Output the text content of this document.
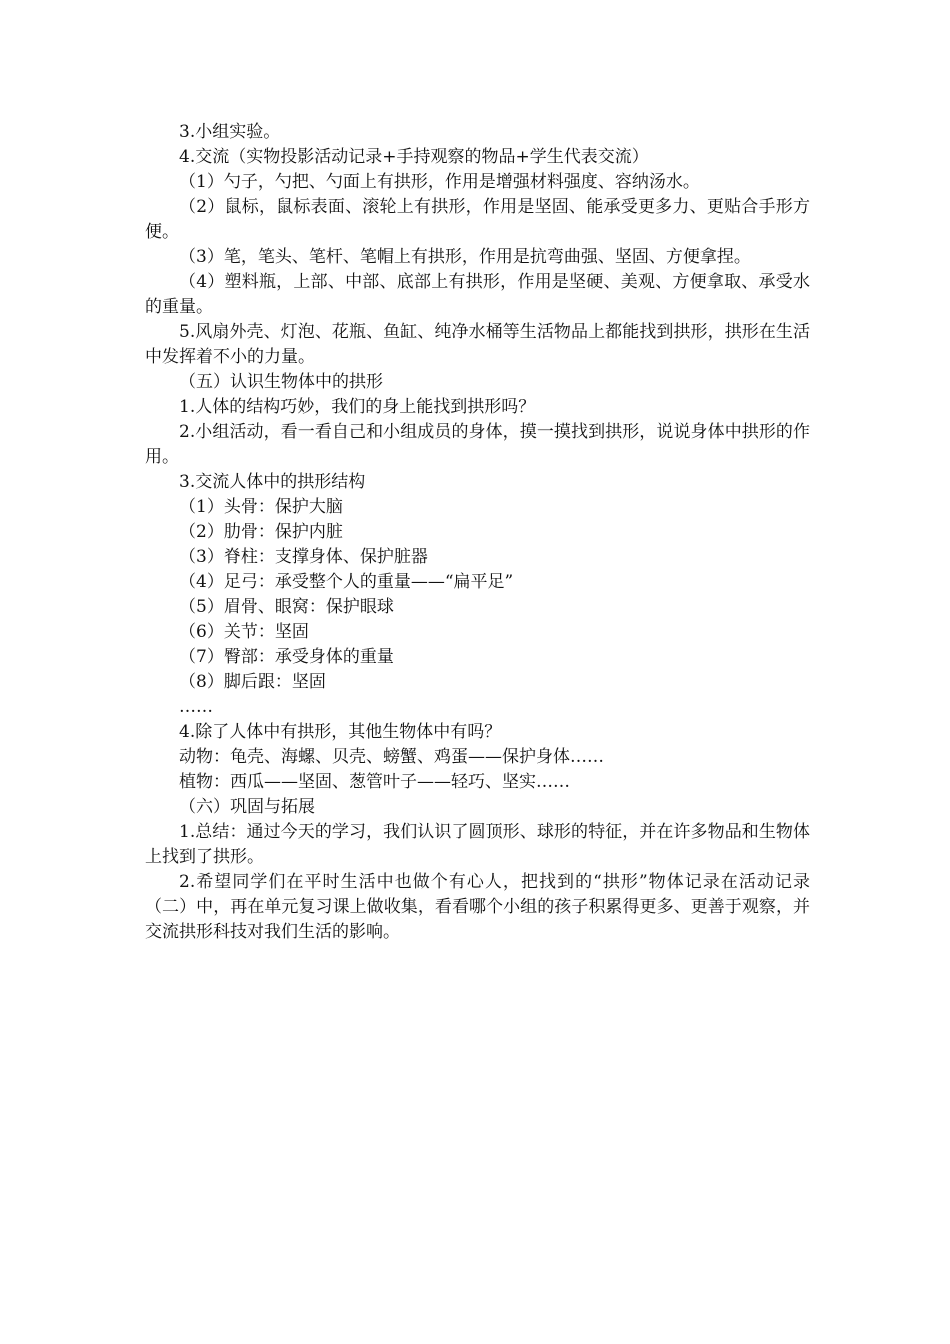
3.小组实验。

4.交流（实物投影活动记录+手持观察的物品+学生代表交流）

（1）勺子，勺把、勺面上有拱形，作用是增强材料强度、容纳汤水。

（2）鼠标，鼠标表面、滚轮上有拱形，作用是坚固、能承受更多力、更贴合手形方便。

（3）笔，笔头、笔杆、笔帽上有拱形，作用是抗弯曲强、坚固、方便拿捏。

（4）塑料瓶，上部、中部、底部上有拱形，作用是坚硬、美观、方便拿取、承受水的重量。

5.风扇外壳、灯泡、花瓶、鱼缸、纯净水桶等生活物品上都能找到拱形，拱形在生活中发挥着不小的力量。

（五）认识生物体中的拱形

1.人体的结构巧妙，我们的身上能找到拱形吗？

2.小组活动，看一看自己和小组成员的身体，摸一摸找到拱形，说说身体中拱形的作用。

3.交流人体中的拱形结构

（1）头骨：保护大脑

（2）肋骨：保护内脏

（3）脊柱：支撑身体、保护脏器

（4）足弓：承受整个人的重量——“扁平足”

（5）眉骨、眼窝：保护眼球

（6）关节：坚固

（7）臀部：承受身体的重量

（8）脚后跟：坚固

……

4.除了人体中有拱形，其他生物体中有吗？

动物：龟壳、海螺、贝壳、螃蟹、鸡蛋——保护身体……

植物：西瓜——坚固、葱管叶子——轻巧、坚实……

（六）巩固与拓展

1.总结：通过今天的学习，我们认识了圆顶形、球形的特征，并在许多物品和生物体上找到了拱形。

2.希望同学们在平时生活中也做个有心人，把找到的“拱形”物体记录在活动记录（二）中，再在单元复习课上做收集，看看哪个小组的孩子积累得更多、更善于观察，并交流拱形科技对我们生活的影响。
